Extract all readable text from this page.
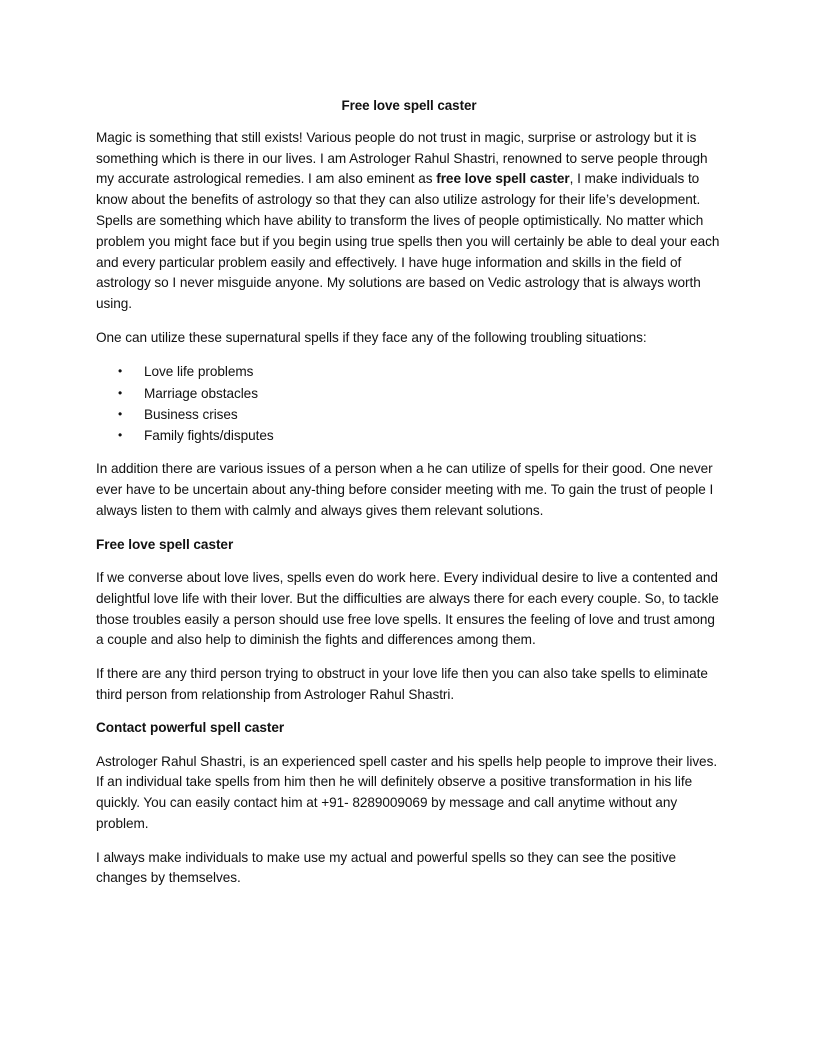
Free love spell caster

Magic is something that still exists! Various people do not trust in magic, surprise or astrology but it is something which is there in our lives. I am Astrologer Rahul Shastri, renowned to serve people through my accurate astrological remedies. I am also eminent as free love spell caster, I make individuals to know about the benefits of astrology so that they can also utilize astrology for their life’s development. Spells are something which have ability to transform the lives of people optimistically. No matter which problem you might face but if you begin using true spells then you will certainly be able to deal your each and every particular problem easily and effectively. I have huge information and skills in the field of astrology so I never misguide anyone. My solutions are based on Vedic astrology that is always worth using.

One can utilize these supernatural spells if they face any of the following troubling situations:

• Love life problems
• Marriage obstacles
• Business crises
• Family fights/disputes

In addition there are various issues of a person when a he can utilize of spells for their good. One never ever have to be uncertain about any-thing before consider meeting with me. To gain the trust of people I always listen to them with calmly and always gives them relevant solutions.

Free love spell caster

If we converse about love lives, spells even do work here. Every individual desire to live a contented and delightful love life with their lover. But the difficulties are always there for each every couple. So, to tackle those troubles easily a person should use free love spells. It ensures the feeling of love and trust among a couple and also help to diminish the fights and differences among them.

If there are any third person trying to obstruct in your love life then you can also take spells to eliminate third person from relationship from Astrologer Rahul Shastri.

Contact powerful spell caster

Astrologer Rahul Shastri, is an experienced spell caster and his spells help people to improve their lives. If an individual take spells from him then he will definitely observe a positive transformation in his life quickly. You can easily contact him at +91- 8289009069 by message and call anytime without any problem.

I always make individuals to make use my actual and powerful spells so they can see the positive changes by themselves.
